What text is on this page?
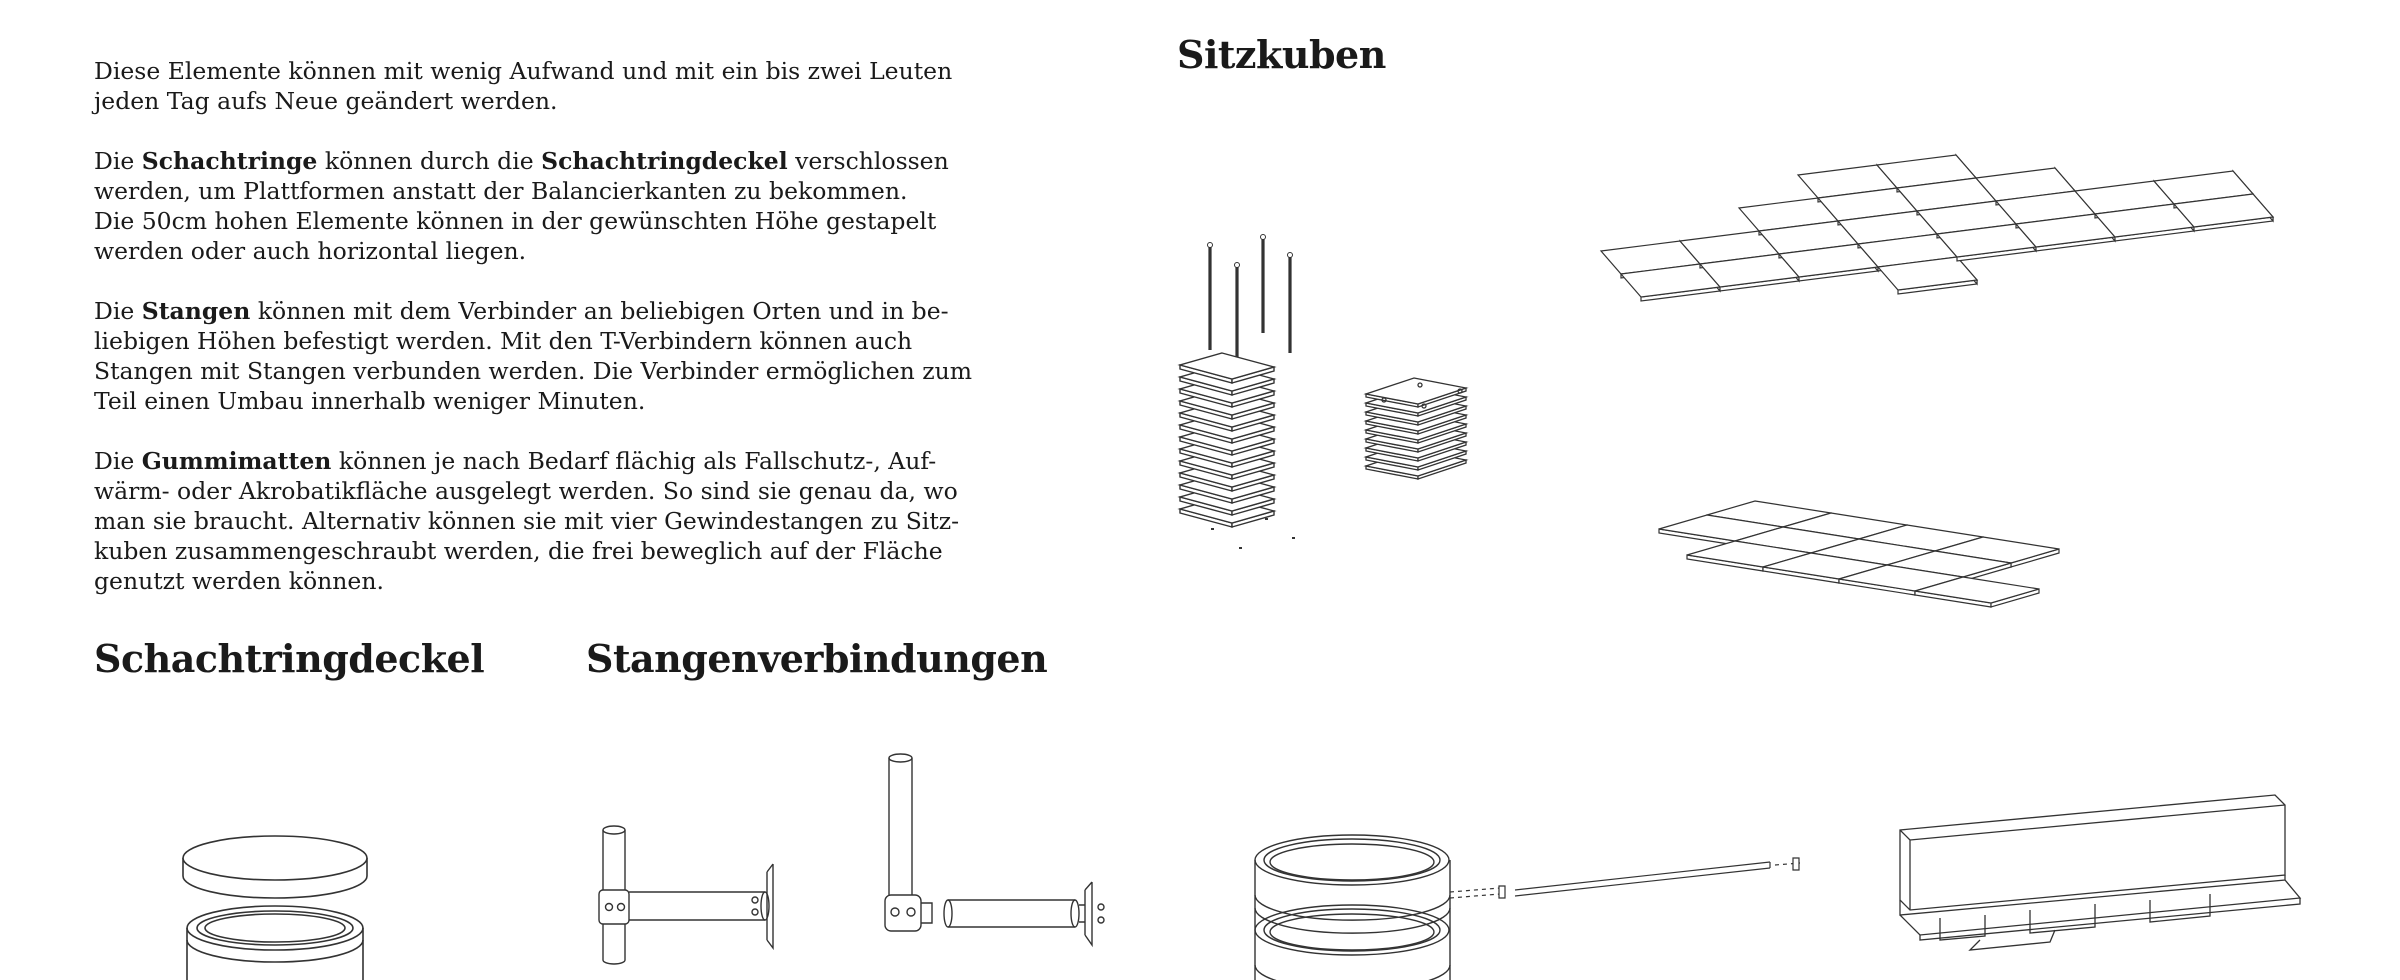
Diese Elemente können mit wenig Aufwand und mit ein bis zwei Leuten
jeden Tag aufs Neue geändert werden.

Die Schachtringe können durch die Schachtringdeckel verschlossen
werden, um Plattformen anstatt der Balancierkanten zu bekommen.
Die 50cm hohen Elemente können in der gewünschten Höhe gestapelt
werden oder auch horizontal liegen.

Die Stangen können mit dem Verbinder an beliebigen Orten und in be-
liebigen Höhen befestigt werden. Mit den T-Verbindern können auch
Stangen mit Stangen verbunden werden. Die Verbinder ermöglichen zum
Teil einen Umbau innerhalb weniger Minuten.

Die Gummimatten können je nach Bedarf flächig als Fallschutz-, Auf-
wärm- oder Akrobatikfläche ausgelegt werden. So sind sie genau da, wo
man sie braucht. Alternativ können sie mit vier Gewindestangen zu Sitz-
kuben zusammengeschraubt werden, die frei beweglich auf der Fläche
genutzt werden können.

Sitzkuben
Schachtringdeckel	Stangenverbindungen
